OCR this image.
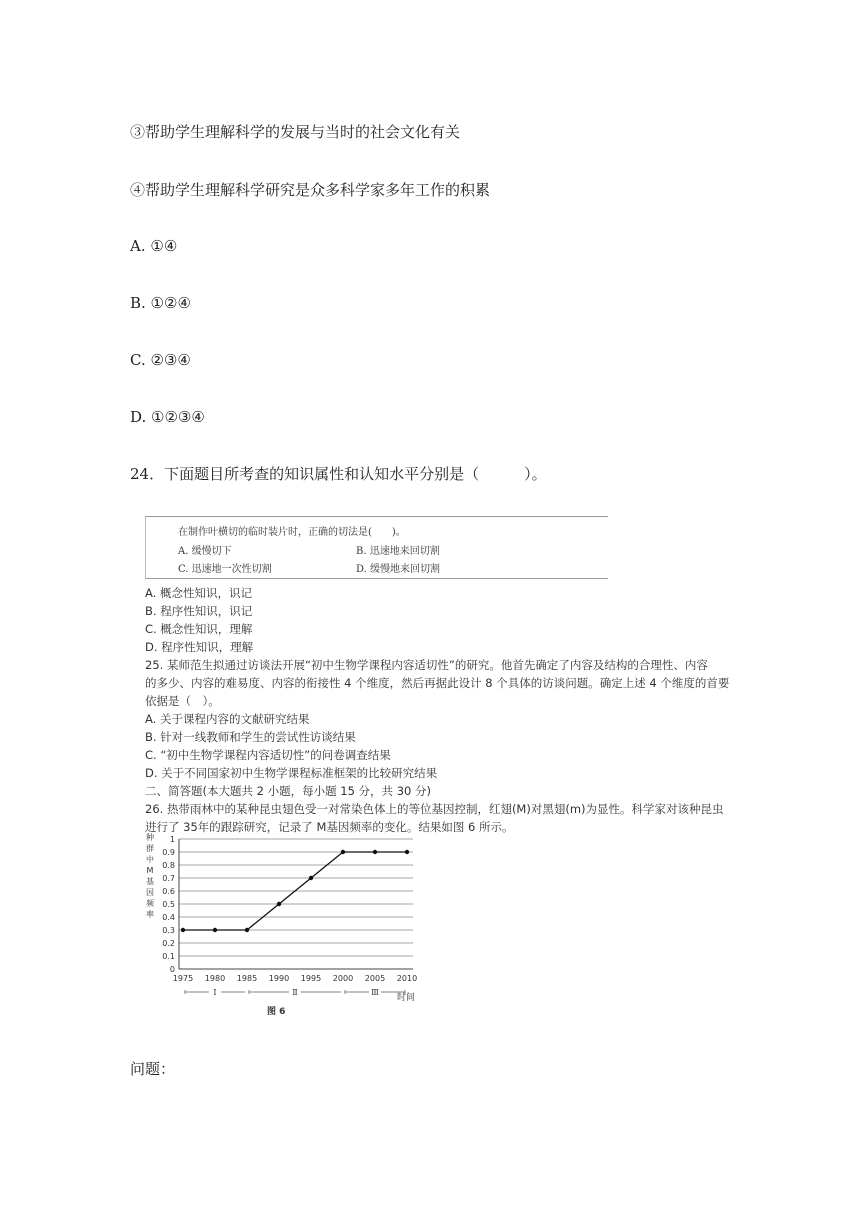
③帮助学生理解科学的发展与当时的社会文化有关
④帮助学生理解科学研究是众多科学家多年工作的积累
A. ①④
B. ①②④
C. ②③④
D. ①②③④
24．下面题目所考查的知识属性和认知水平分别是（　　　）。
在制作叶横切的临时装片时，正确的切法是(　　)。
A. 缓慢切下	B. 迅速地来回切割
C. 迅速地一次性切割	D. 缓慢地来回切割
A. 概念性知识，识记
B. 程序性知识，识记
C. 概念性知识，理解
D. 程序性知识，理解
25. 某师范生拟通过访谈法开展“初中生物学课程内容适切性”的研究。他首先确定了内容及结构的合理性、内容
的多少、内容的难易度、内容的衔接性 4 个维度，然后再据此设计 8 个具体的访谈问题。确定上述 4 个维度的首要
依据是（　）。
A. 关于课程内容的文献研究结果
B. 针对一线教师和学生的尝试性访谈结果
C. “初中生物学课程内容适切性”的问卷调查结果
D. 关于不同国家初中生物学课程标准框架的比较研究结果
二、简答题(本大题共 2 小题，每小题 15 分，共 30 分)
26. 热带雨林中的某种昆虫翅色受一对常染色体上的等位基因控制，红翅(M)对黑翅(m)为显性。科学家对该种昆虫
进行了 35年的跟踪研究，记录了 M基因频率的变化。结果如图 6 所示。
0
0.1
0.2
0.3
0.4
0.5
0.6
0.7
0.8
0.9
1
1975 1980 1985 1990 1995 2000 2005 2010
Ⅰ	Ⅱ	Ⅲ
时间
图 6
种
群
中
M
基
因
频
率
问题：
